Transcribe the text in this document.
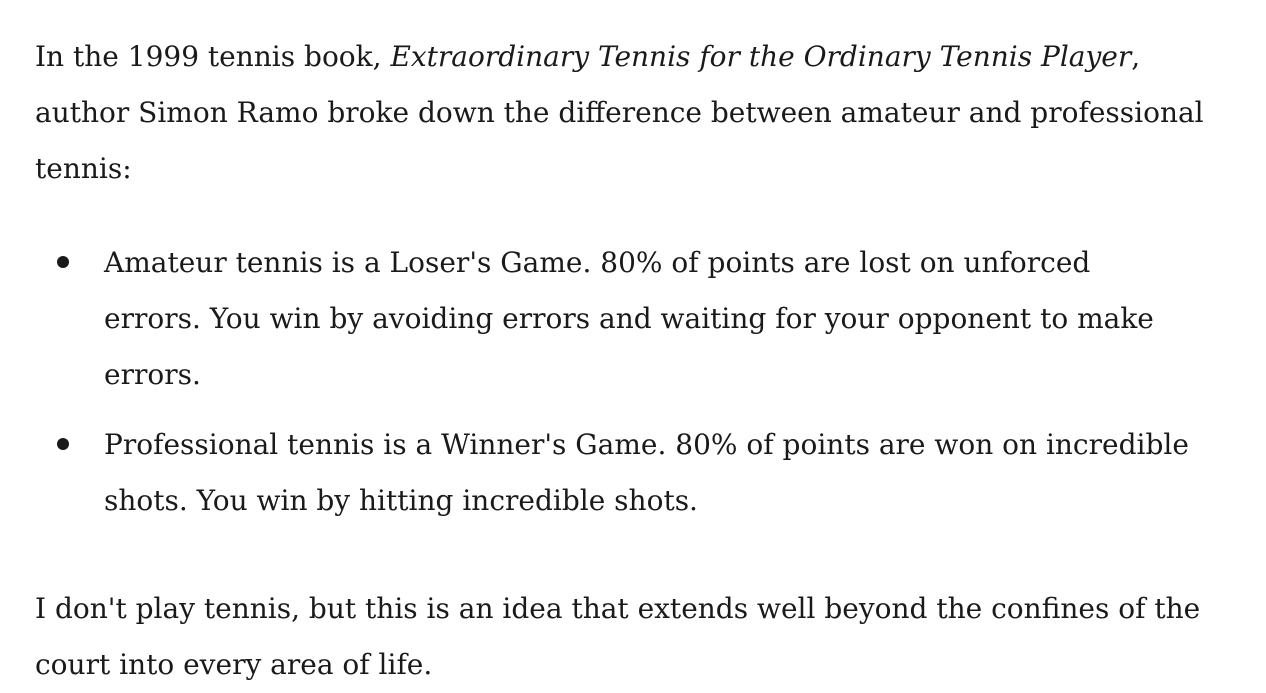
In the 1999 tennis book, Extraordinary Tennis for the Ordinary Tennis Player, author Simon Ramo broke down the difference between amateur and professional tennis:

Amateur tennis is a Loser's Game. 80% of points are lost on unforced errors. You win by avoiding errors and waiting for your opponent to make errors.
Professional tennis is a Winner's Game. 80% of points are won on incredible shots. You win by hitting incredible shots.

I don't play tennis, but this is an idea that extends well beyond the confines of the court into every area of life.
